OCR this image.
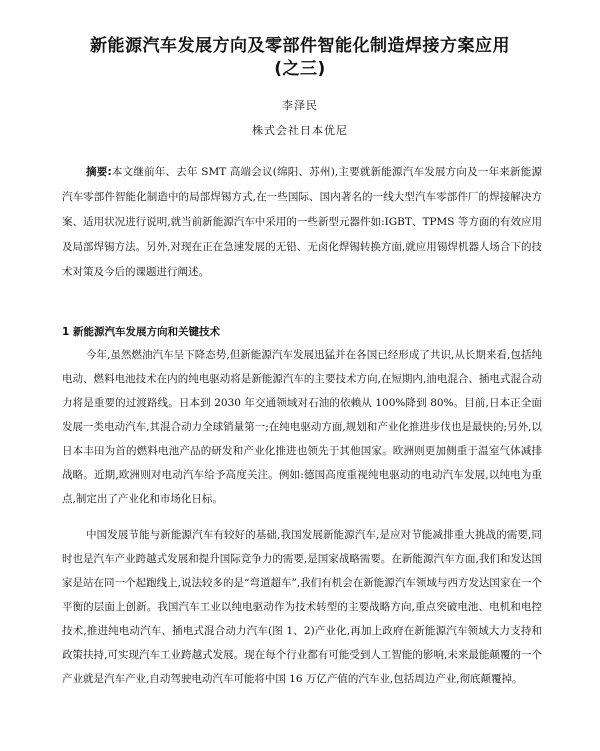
新能源汽车发展方向及零部件智能化制造焊接方案应用
(之三)
李泽民
株式会社日本优尼

摘要:本文继前年、去年 SMT 高端会议(绵阳、苏州),主要就新能源汽车发展方向及一年来新能源汽车零部件智能化制造中的局部焊锡方式,在一些国际、国内著名的一线大型汽车零部件厂的焊接解决方案、适用状况进行说明,就当前新能源汽车中采用的一些新型元器件如:IGBT、TPMS 等方面的有效应用及局部焊锡方法。另外,对现在正在急速发展的无铅、无卤化焊锡转换方面,就应用锡焊机器人场合下的技术对策及今后的课题进行阐述。

1 新能源汽车发展方向和关键技术

今年,虽然燃油汽车呈下降态势,但新能源汽车发展迅猛并在各国已经形成了共识,从长期来看,包括纯电动、燃料电池技术在内的纯电驱动将是新能源汽车的主要技术方向,在短期内,油电混合、插电式混合动力将是重要的过渡路线。日本到 2030 年交通领域对石油的依赖从 100%降到 80%。目前,日本正全面发展一类电动汽车,其混合动力全球销量第一;在纯电驱动方面,规划和产业化推进步伐也是最快的;另外,以日本丰田为首的燃料电池产品的研发和产业化推进也领先于其他国家。欧洲则更加侧重于温室气体减排战略。近期,欧洲则对电动汽车给予高度关注。例如:德国高度重视纯电驱动的电动汽车发展,以纯电为重点,制定出了产业化和市场化日标。

中国发展节能与新能源汽车有较好的基础,我国发展新能源汽车,是应对节能减排重大挑战的需要,同时也是汽车产业跨越式发展和提升国际竞争力的需要,是国家战略需要。在新能源汽车方面,我们和发达国家是站在同一个起跑线上,说法较多的是“弯道超车”,我们有机会在新能源汽车领域与西方发达国家在一个平衡的层面上创新。我国汽车工业以纯电驱动作为技术转型的主要战略方向,重点突破电池、电机和电控技术,推进纯电动汽车、插电式混合动力汽车(图 1、2)产业化,再加上政府在新能源汽车领域大力支持和政策扶持,可实现汽车工业跨越式发展。现在每个行业都有可能受到人工智能的影响,未来最能颠覆的一个产业就是汽车产业,自动驾驶电动汽车可能将中国 16 万亿产值的汽车业,包括周边产业,彻底颠覆掉。
